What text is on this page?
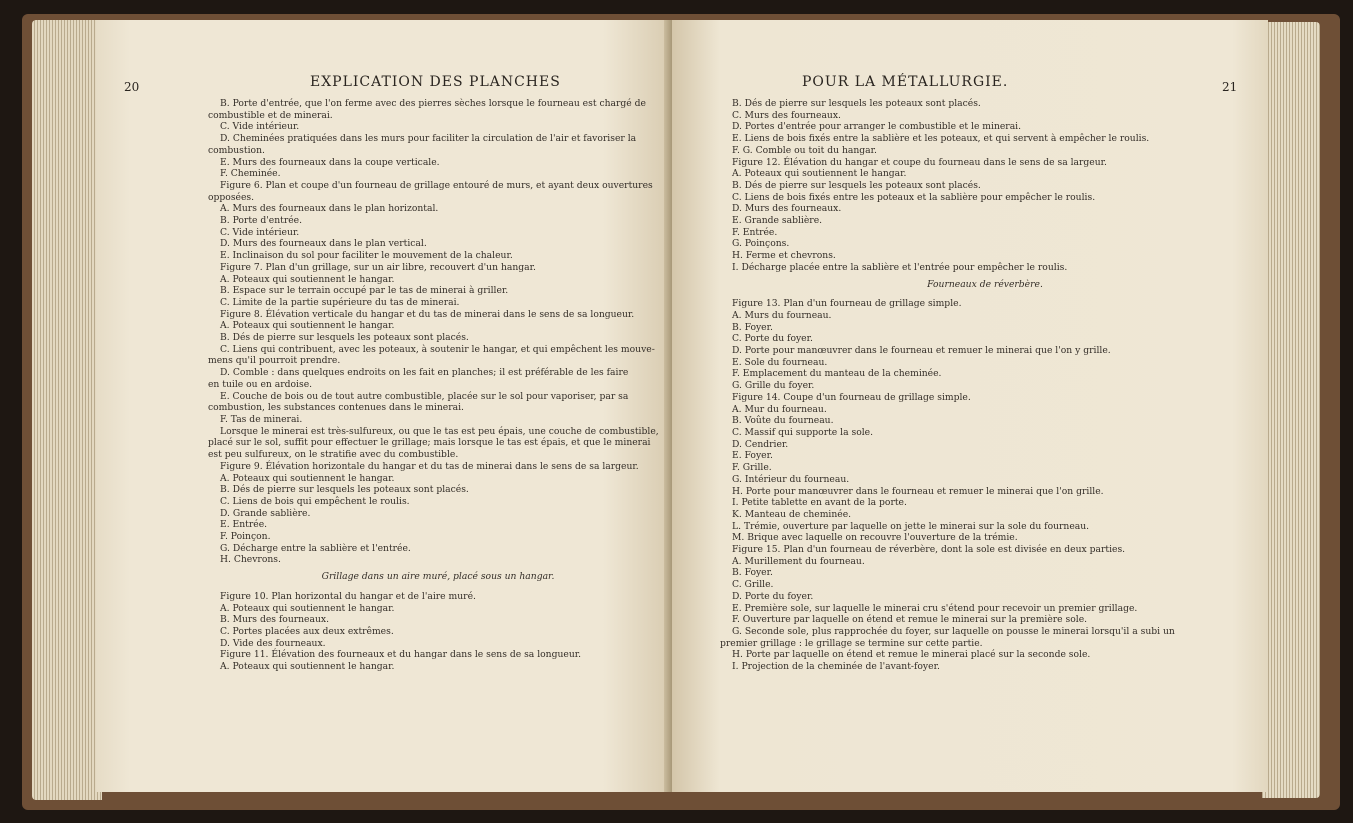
20	EXPLICATION DES PLANCHES

B. Porte d'entrée, que l'on ferme avec des pierres sèches lorsque le fourneau est chargé de

combustible et de minerai.

C. Vide intérieur.

D. Cheminées pratiquées dans les murs pour faciliter la circulation de l'air et favoriser la

combustion.

E. Murs des fourneaux dans la coupe verticale.

F. Cheminée.

Figure 6. Plan et coupe d'un fourneau de grillage entouré de murs, et ayant deux ouvertures

opposées.

A. Murs des fourneaux dans le plan horizontal.

B. Porte d'entrée.

C. Vide intérieur.

D. Murs des fourneaux dans le plan vertical.

E. Inclinaison du sol pour faciliter le mouvement de la chaleur.

Figure 7. Plan d'un grillage, sur un air libre, recouvert d'un hangar.

A. Poteaux qui soutiennent le hangar.

B. Espace sur le terrain occupé par le tas de minerai à griller.

C. Limite de la partie supérieure du tas de minerai.

Figure 8. Élévation verticale du hangar et du tas de minerai dans le sens de sa longueur.

A. Poteaux qui soutiennent le hangar.

B. Dés de pierre sur lesquels les poteaux sont placés.

C. Liens qui contribuent, avec les poteaux, à soutenir le hangar, et qui empêchent les mouve-

mens qu'il pourroit prendre.

D. Comble : dans quelques endroits on les fait en planches; il est préférable de les faire

en tuile ou en ardoise.

E. Couche de bois ou de tout autre combustible, placée sur le sol pour vaporiser, par sa

combustion, les substances contenues dans le minerai.

F. Tas de minerai.

Lorsque le minerai est très-sulfureux, ou que le tas est peu épais, une couche de combustible,

placé sur le sol, suffit pour effectuer le grillage; mais lorsque le tas est épais, et que le minerai

est peu sulfureux, on le stratifie avec du combustible.

Figure 9. Élévation horizontale du hangar et du tas de minerai dans le sens de sa largeur.

A. Poteaux qui soutiennent le hangar.

B. Dés de pierre sur lesquels les poteaux sont placés.

C. Liens de bois qui empêchent le roulis.

D. Grande sablière.

E. Entrée.

F. Poinçon.

G. Décharge entre la sablière et l'entrée.

H. Chevrons.

Grillage dans un aire muré, placé sous un hangar.

Figure 10. Plan horizontal du hangar et de l'aire muré.

A. Poteaux qui soutiennent le hangar.

B. Murs des fourneaux.

C. Portes placées aux deux extrêmes.

D. Vide des fourneaux.

Figure 11. Élévation des fourneaux et du hangar dans le sens de sa longueur.

A. Poteaux qui soutiennent le hangar.

POUR LA MÉTALLURGIE.	21

B. Dés de pierre sur lesquels les poteaux sont placés.

C. Murs des fourneaux.

D. Portes d'entrée pour arranger le combustible et le minerai.

E. Liens de bois fixés entre la sablière et les poteaux, et qui servent à empêcher le roulis.

F. G. Comble ou toit du hangar.

Figure 12. Élévation du hangar et coupe du fourneau dans le sens de sa largeur.

A. Poteaux qui soutiennent le hangar.

B. Dés de pierre sur lesquels les poteaux sont placés.

C. Liens de bois fixés entre les poteaux et la sablière pour empêcher le roulis.

D. Murs des fourneaux.

E. Grande sablière.

F. Entrée.

G. Poinçons.

H. Ferme et chevrons.

I. Décharge placée entre la sablière et l'entrée pour empêcher le roulis.

Fourneaux de réverbère.

Figure 13. Plan d'un fourneau de grillage simple.

A. Murs du fourneau.

B. Foyer.

C. Porte du foyer.

D. Porte pour manœuvrer dans le fourneau et remuer le minerai que l'on y grille.

E. Sole du fourneau.

F. Emplacement du manteau de la cheminée.

G. Grille du foyer.

Figure 14. Coupe d'un fourneau de grillage simple.

A. Mur du fourneau.

B. Voûte du fourneau.

C. Massif qui supporte la sole.

D. Cendrier.

E. Foyer.

F. Grille.

G. Intérieur du fourneau.

H. Porte pour manœuvrer dans le fourneau et remuer le minerai que l'on grille.

I. Petite tablette en avant de la porte.

K. Manteau de cheminée.

L. Trémie, ouverture par laquelle on jette le minerai sur la sole du fourneau.

M. Brique avec laquelle on recouvre l'ouverture de la trémie.

Figure 15. Plan d'un fourneau de réverbère, dont la sole est divisée en deux parties.

A. Murillement du fourneau.

B. Foyer.

C. Grille.

D. Porte du foyer.

E. Première sole, sur laquelle le minerai cru s'étend pour recevoir un premier grillage.

F. Ouverture par laquelle on étend et remue le minerai sur la première sole.

G. Seconde sole, plus rapprochée du foyer, sur laquelle on pousse le minerai lorsqu'il a subi un

premier grillage : le grillage se termine sur cette partie.

H. Porte par laquelle on étend et remue le minerai placé sur la seconde sole.

I. Projection de la cheminée de l'avant-foyer.
